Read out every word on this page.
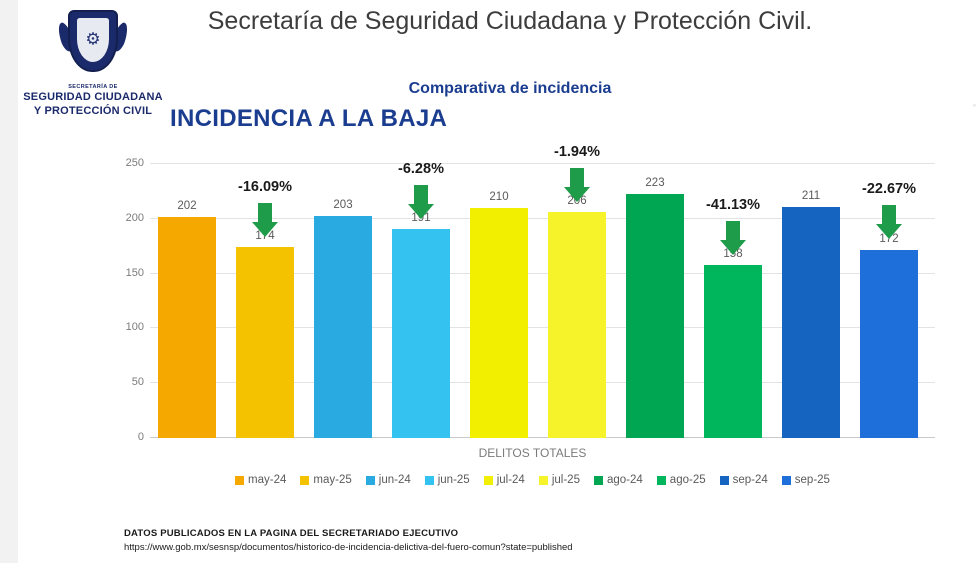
⚙
SECRETARÍA DE
SEGURIDAD CIUDADANA
Y PROTECCIÓN CIVIL
Secretaría de Seguridad Ciudadana y Protección Civil.
Comparativa de incidencia
INCIDENCIA A LA BAJA
0
50
100
150
200
250
202
174
203
191
210	206
223
158
211
172
-16.09%
-6.28%
-1.94%
-41.13%
-22.67%
DELITOS TOTALES
may-24 may-25 jun-24 jun-25 jul-24 jul-25 ago-24 ago-25 sep-24 sep-25
DATOS PUBLICADOS EN LA PAGINA DEL SECRETARIADO EJECUTIVO
https://www.gob.mx/sesnsp/documentos/historico-de-incidencia-delictiva-del-fuero-comun?state=published
◦
